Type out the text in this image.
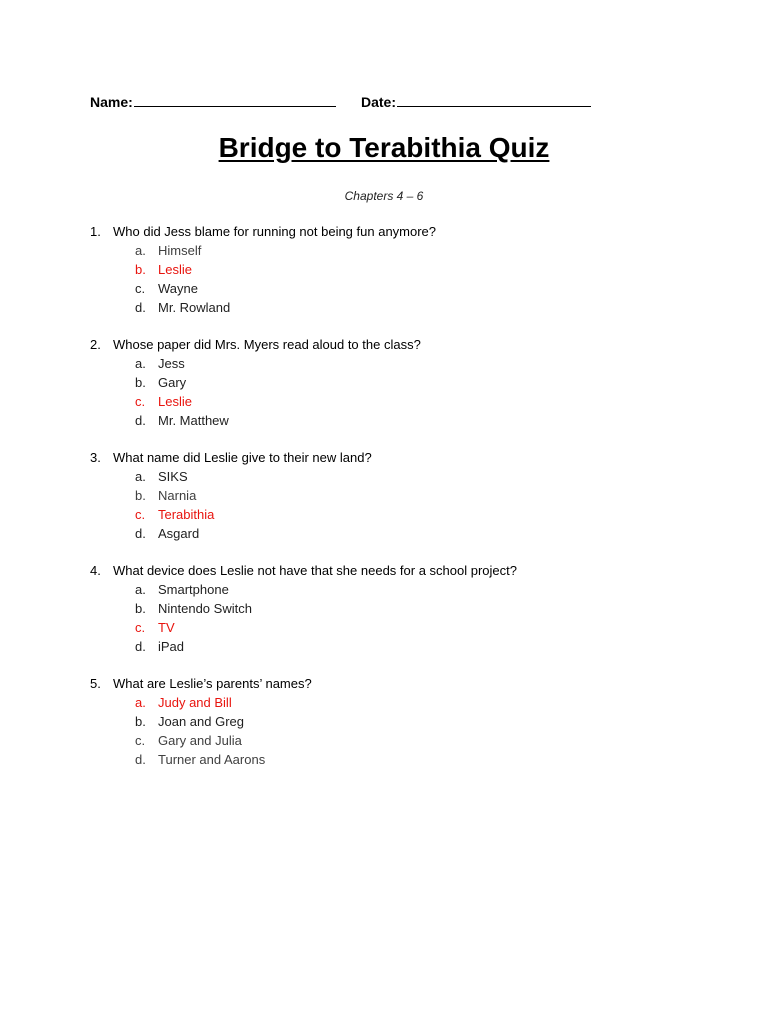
Name:	Date:
Bridge to Terabithia Quiz
Chapters 4 – 6
1. Who did Jess blame for running not being fun anymore?
a. Himself
b. Leslie
c. Wayne
d. Mr. Rowland
2. Whose paper did Mrs. Myers read aloud to the class?
a. Jess
b. Gary
c. Leslie
d. Mr. Matthew
3. What name did Leslie give to their new land?
a. SIKS
b. Narnia
c. Terabithia
d. Asgard
4. What device does Leslie not have that she needs for a school project?
a. Smartphone
b. Nintendo Switch
c. TV
d. iPad
5. What are Leslie’s parents’ names?
a. Judy and Bill
b. Joan and Greg
c. Gary and Julia
d. Turner and Aarons
